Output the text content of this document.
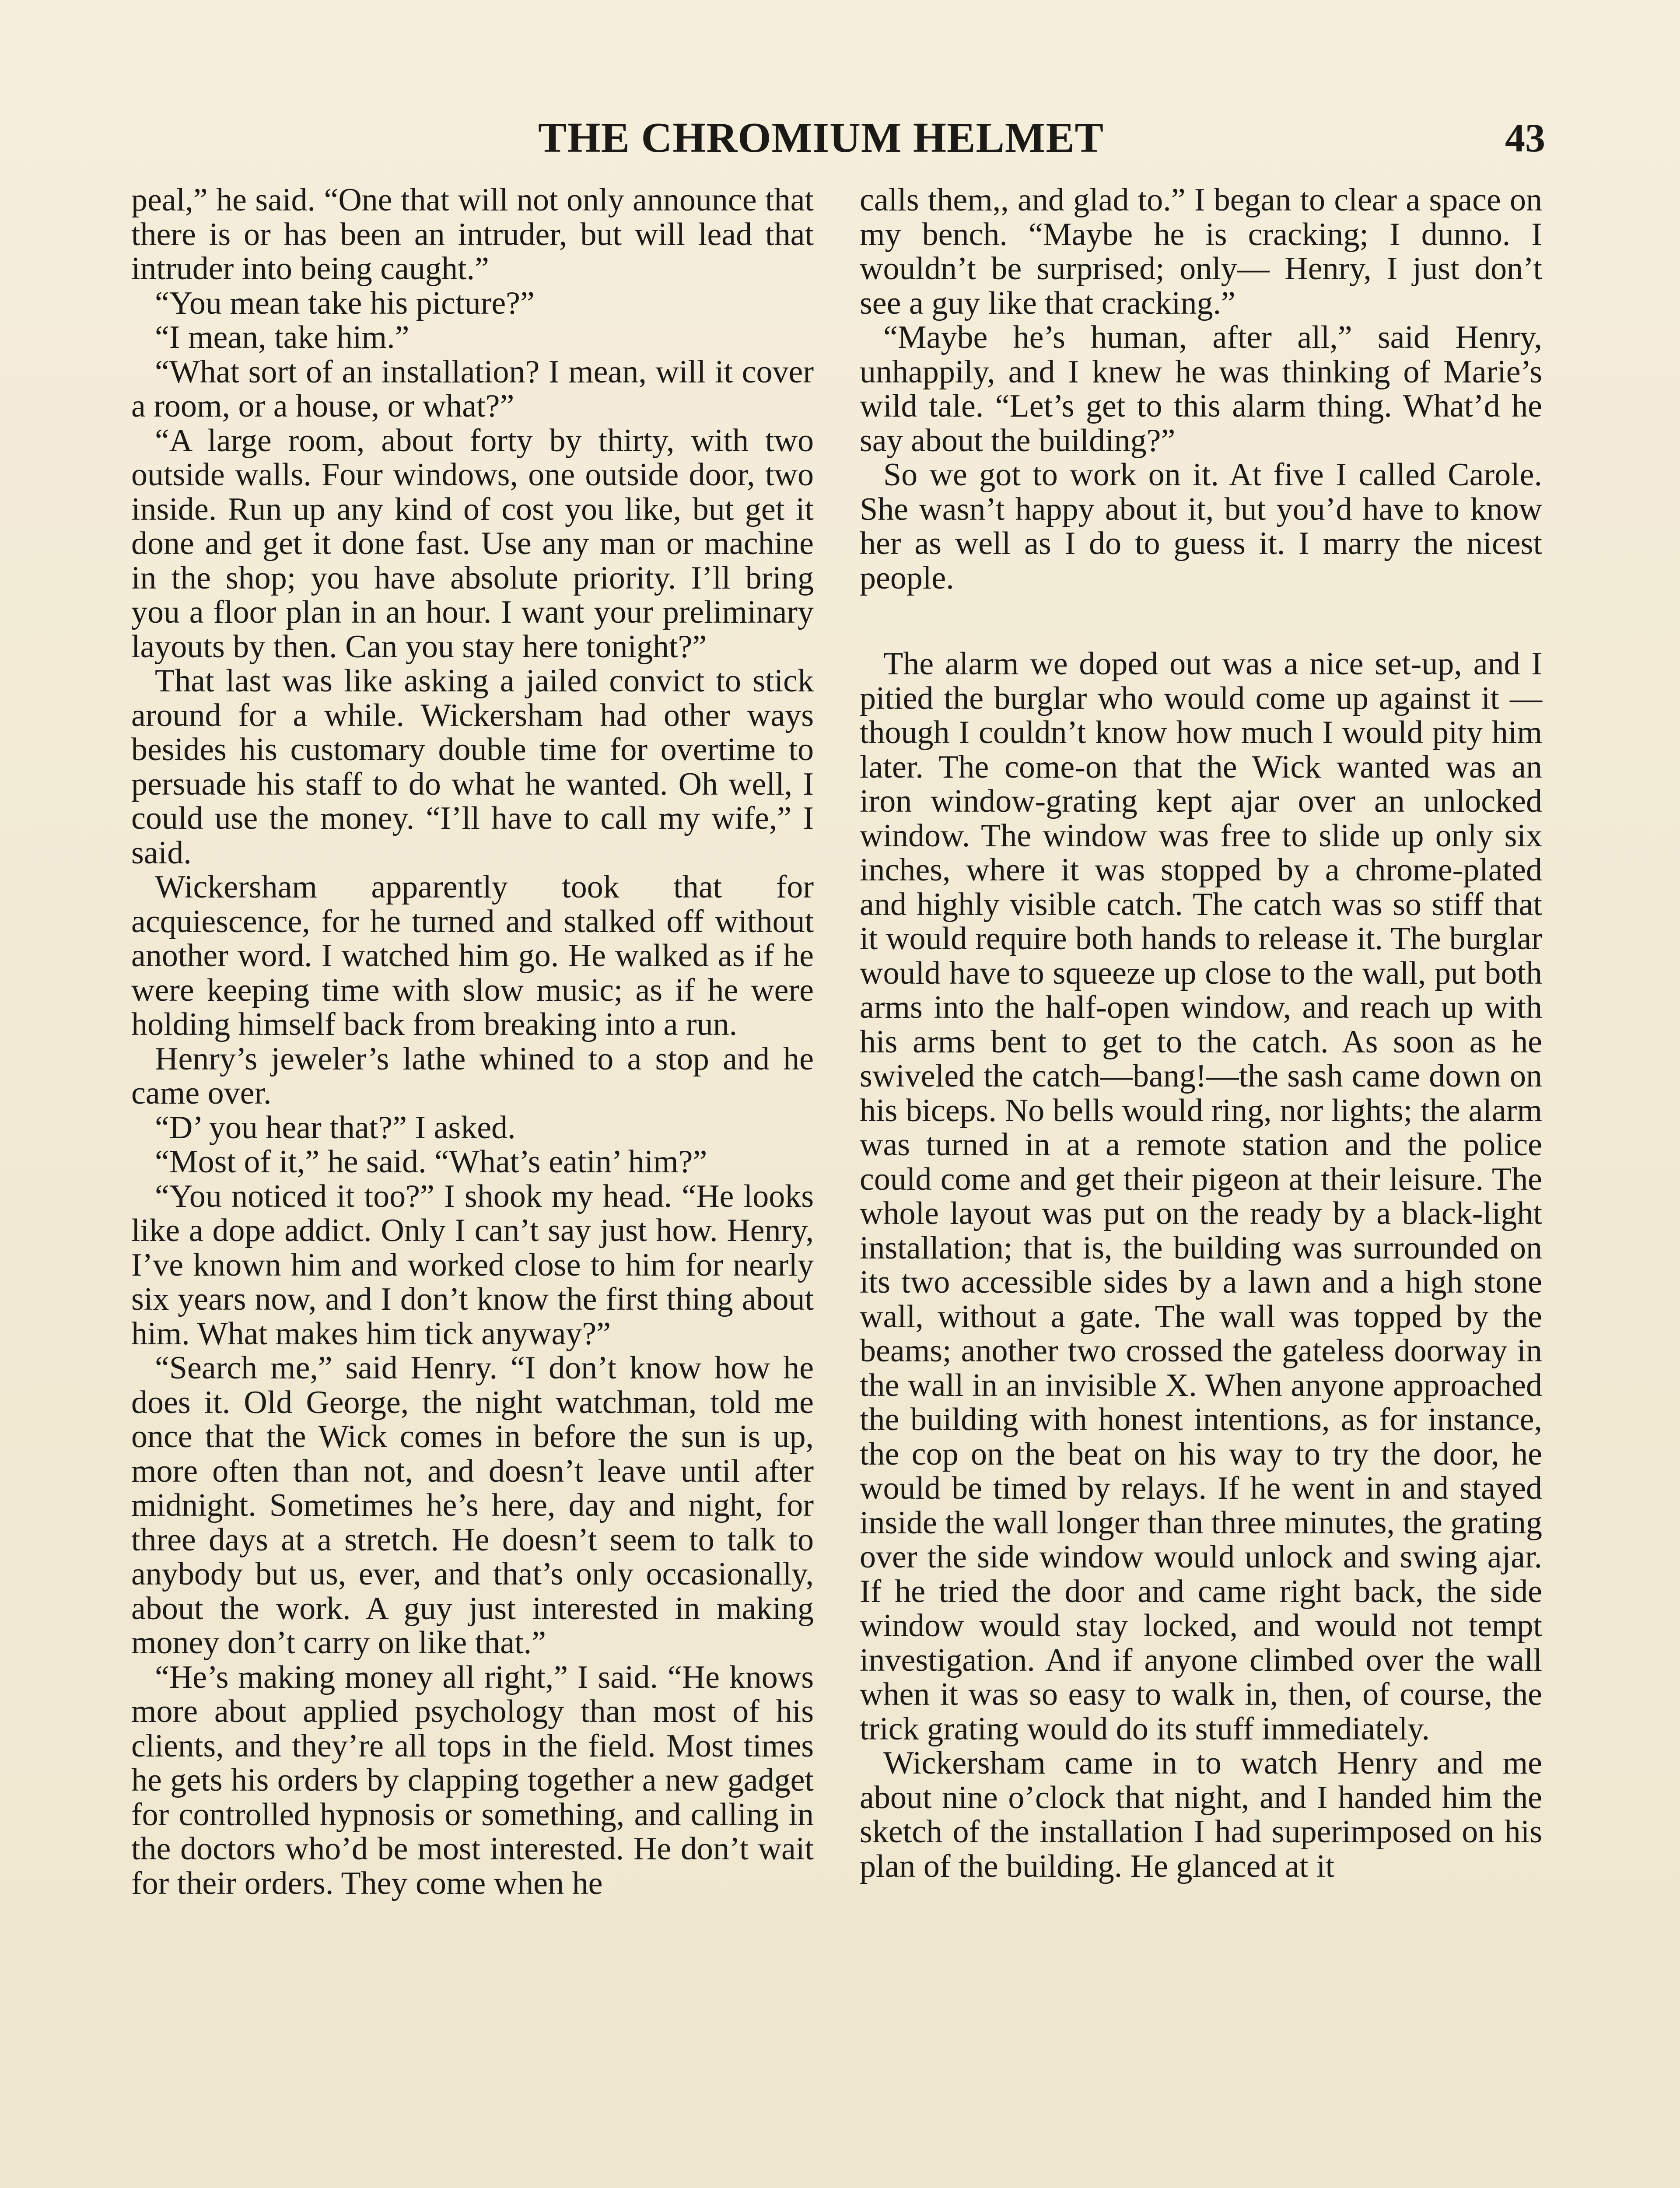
THE CHROMIUM HELMET	43

peal,” he said. “One that will not only announce that there is or has been an intruder, but will lead that intruder into being caught.”

“You mean take his picture?”

“I mean, take him.”

“What sort of an installation? I mean, will it cover a room, or a house, or what?”

“A large room, about forty by thirty, with two outside walls. Four windows, one outside door, two inside. Run up any kind of cost you like, but get it done and get it done fast. Use any man or machine in the shop; you have absolute priority. I’ll bring you a floor plan in an hour. I want your preliminary layouts by then. Can you stay here tonight?”

That last was like asking a jailed convict to stick around for a while. Wickersham had other ways besides his customary double time for overtime to persuade his staff to do what he wanted. Oh well, I could use the money. “I’ll have to call my wife,” I said.

Wickersham apparently took that for acquiescence, for he turned and stalked off without another word. I watched him go. He walked as if he were keeping time with slow music; as if he were holding himself back from breaking into a run.

Henry’s jeweler’s lathe whined to a stop and he came over.

“D’ you hear that?” I asked.

“Most of it,” he said. “What’s eatin’ him?”

“You noticed it too?” I shook my head. “He looks like a dope addict. Only I can’t say just how. Henry, I’ve known him and worked close to him for nearly six years now, and I don’t know the first thing about him. What makes him tick anyway?”

“Search me,” said Henry. “I don’t know how he does it. Old George, the night watchman, told me once that the Wick comes in before the sun is up, more often than not, and doesn’t leave until after midnight. Sometimes he’s here, day and night, for three days at a stretch. He doesn’t seem to talk to anybody but us, ever, and that’s only occasionally, about the work. A guy just interested in making money don’t carry on like that.”

“He’s making money all right,” I said. “He knows more about applied psychology than most of his clients, and they’re all tops in the field. Most times he gets his orders by clapping together a new gadget for controlled hypnosis or something, and calling in the doctors who’d be most interested. He don’t wait for their orders. They come when he

calls them,, and glad to.” I began to clear a space on my bench. “Maybe he is cracking; I dunno. I wouldn’t be surprised; only— Henry, I just don’t see a guy like that cracking.”

“Maybe he’s human, after all,” said Henry, unhappily, and I knew he was thinking of Marie’s wild tale. “Let’s get to this alarm thing. What’d he say about the building?”

So we got to work on it. At five I called Carole. She wasn’t happy about it, but you’d have to know her as well as I do to guess it. I marry the nicest people.

The alarm we doped out was a nice set-up, and I pitied the burglar who would come up against it — though I couldn’t know how much I would pity him later. The come-on that the Wick wanted was an iron window-grating kept ajar over an unlocked window. The window was free to slide up only six inches, where it was stopped by a chrome-plated and highly visible catch. The catch was so stiff that it would require both hands to release it. The burglar would have to squeeze up close to the wall, put both arms into the half-open window, and reach up with his arms bent to get to the catch. As soon as he swiveled the catch—bang!—the sash came down on his biceps. No bells would ring, nor lights; the alarm was turned in at a remote station and the police could come and get their pigeon at their leisure. The whole layout was put on the ready by a black-light installation; that is, the building was surrounded on its two accessible sides by a lawn and a high stone wall, without a gate. The wall was topped by the beams; another two crossed the gateless doorway in the wall in an invisible X. When anyone approached the building with honest intentions, as for instance, the cop on the beat on his way to try the door, he would be timed by relays. If he went in and stayed inside the wall longer than three minutes, the grating over the side window would unlock and swing ajar. If he tried the door and came right back, the side window would stay locked, and would not tempt investigation. And if anyone climbed over the wall when it was so easy to walk in, then, of course, the trick grating would do its stuff immediately.

Wickersham came in to watch Henry and me about nine o’clock that night, and I handed him the sketch of the installation I had superimposed on his plan of the building. He glanced at it
